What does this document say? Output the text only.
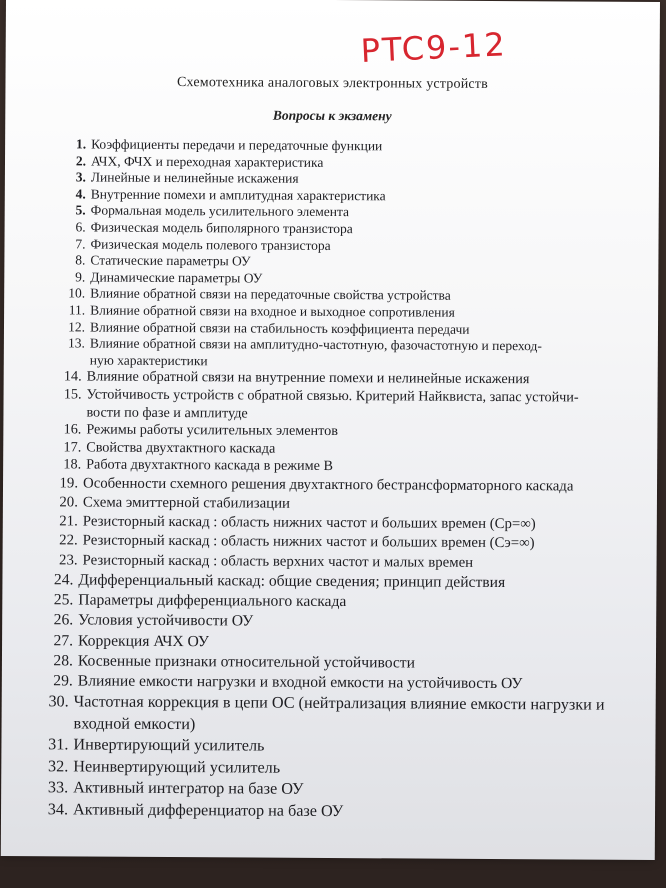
PTC9-12
Схемотехника аналоговых электронных устройств
Вопросы к экзамену
1. Коэффициенты передачи и передаточные функции
2. АЧХ, ФЧХ и переходная характеристика
3. Линейные и нелинейные искажения
4. Внутренние помехи и амплитудная характеристика
5. Формальная модель усилительного элемента
6. Физическая модель биполярного транзистора
7. Физическая модель полевого транзистора
8. Статические параметры ОУ
9. Динамические параметры ОУ
10. Влияние обратной связи на передаточные свойства устройства
11. Влияние обратной связи на входное и выходное сопротивления
12. Влияние обратной связи на стабильность коэффициента передачи
13. Влияние обратной связи на амплитудно-частотную, фазочастотную и переход-
ную характеристики
14. Влияние обратной связи на внутренние помехи и нелинейные искажения
15. Устойчивость устройств с обратной связью. Критерий Найквиста, запас устойчи-
вости по фазе и амплитуде
16. Режимы работы усилительных элементов
17. Свойства двухтактного каскада
18. Работа двухтактного каскада в режиме В
19. Особенности схемного решения двухтактного бестрансформаторного каскада
20. Схема эмиттерной стабилизации
21. Резисторный каскад : область нижних частот и больших времен (Cр=∞)
22. Резисторный каскад : область нижних частот и больших времен (Cэ=∞)
23. Резисторный каскад : область верхних частот и малых времен
24. Дифференциальный каскад: общие сведения; принцип действия
25. Параметры дифференциального каскада
26. Условия устойчивости ОУ
27. Коррекция АЧХ ОУ
28. Косвенные признаки относительной устойчивости
29. Влияние емкости нагрузки и входной емкости на устойчивость ОУ
30. Частотная коррекция в цепи ОС (нейтрализация влияние емкости нагрузки и
входной емкости)
31. Инвертирующий усилитель
32. Неинвертирующий усилитель
33. Активный интегратор на базе ОУ
34. Активный дифференциатор на базе ОУ
